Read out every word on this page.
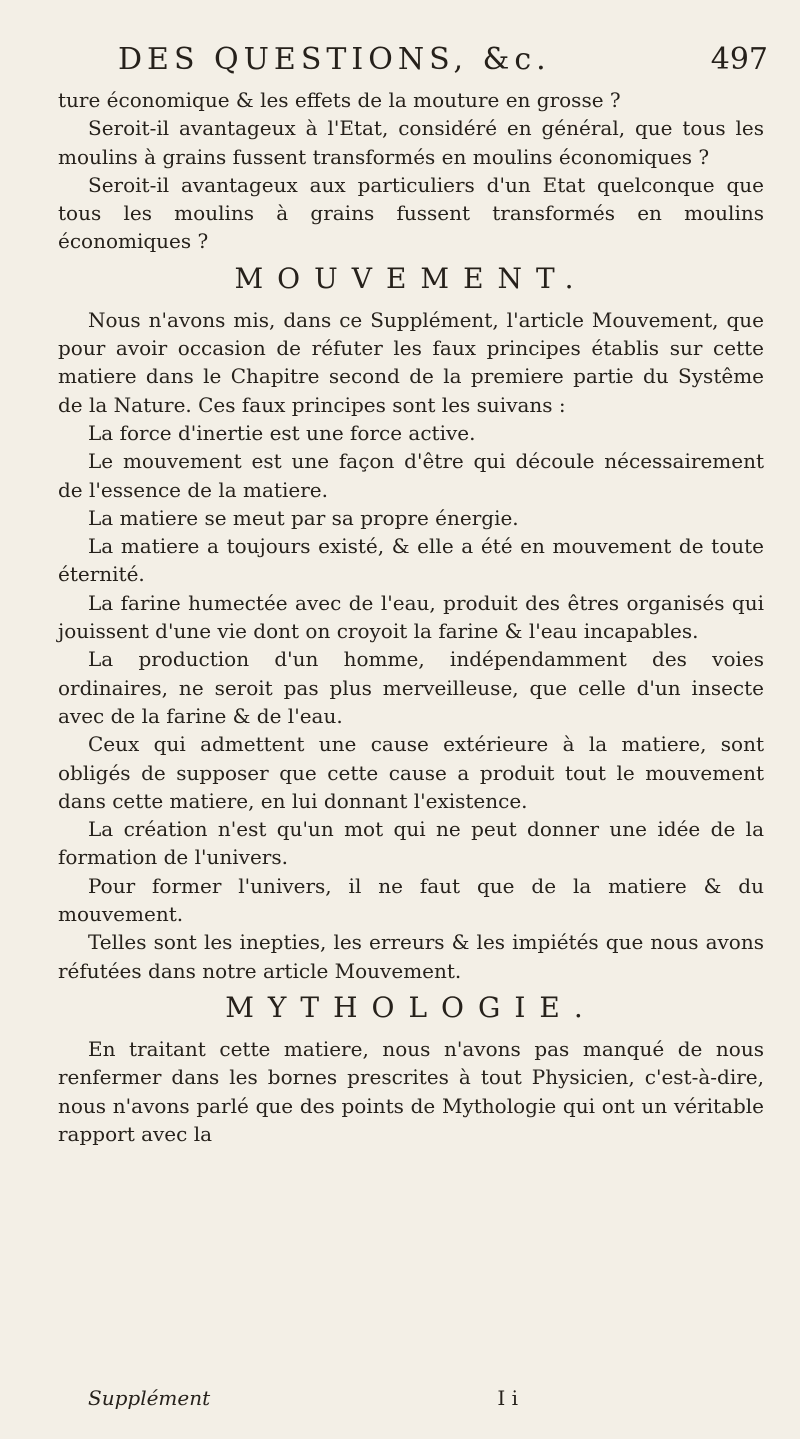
DES QUESTIONS, &c.	497

ture économique & les effets de la mouture en grosse ?

Seroit-il avantageux à l'Etat, considéré en général, que tous les moulins à grains fussent transformés en moulins économiques ?

Seroit-il avantageux aux particuliers d'un Etat quelconque que tous les moulins à grains fussent transformés en moulins économiques ?

MOUVEMENT.

Nous n'avons mis, dans ce Supplément, l'article Mouvement, que pour avoir occasion de réfuter les faux principes établis sur cette matiere dans le Chapitre second de la premiere partie du Systême de la Nature. Ces faux principes sont les suivans :

La force d'inertie est une force active.

Le mouvement est une façon d'être qui découle nécessairement de l'essence de la matiere.

La matiere se meut par sa propre énergie.

La matiere a toujours existé, & elle a été en mouvement de toute éternité.

La farine humectée avec de l'eau, produit des êtres organisés qui jouissent d'une vie dont on croyoit la farine & l'eau incapables.

La production d'un homme, indépendamment des voies ordinaires, ne seroit pas plus merveilleuse, que celle d'un insecte avec de la farine & de l'eau.

Ceux qui admettent une cause extérieure à la matiere, sont obligés de supposer que cette cause a produit tout le mouvement dans cette matiere, en lui donnant l'existence.

La création n'est qu'un mot qui ne peut donner une idée de la formation de l'univers.

Pour former l'univers, il ne faut que de la matiere & du mouvement.

Telles sont les inepties, les erreurs & les impiétés que nous avons réfutées dans notre article Mouvement.

MYTHOLOGIE.

En traitant cette matiere, nous n'avons pas manqué de nous renfermer dans les bornes prescrites à tout Physicien, c'est-à-dire, nous n'avons parlé que des points de Mythologie qui ont un véritable rapport avec la

Supplément	I i
